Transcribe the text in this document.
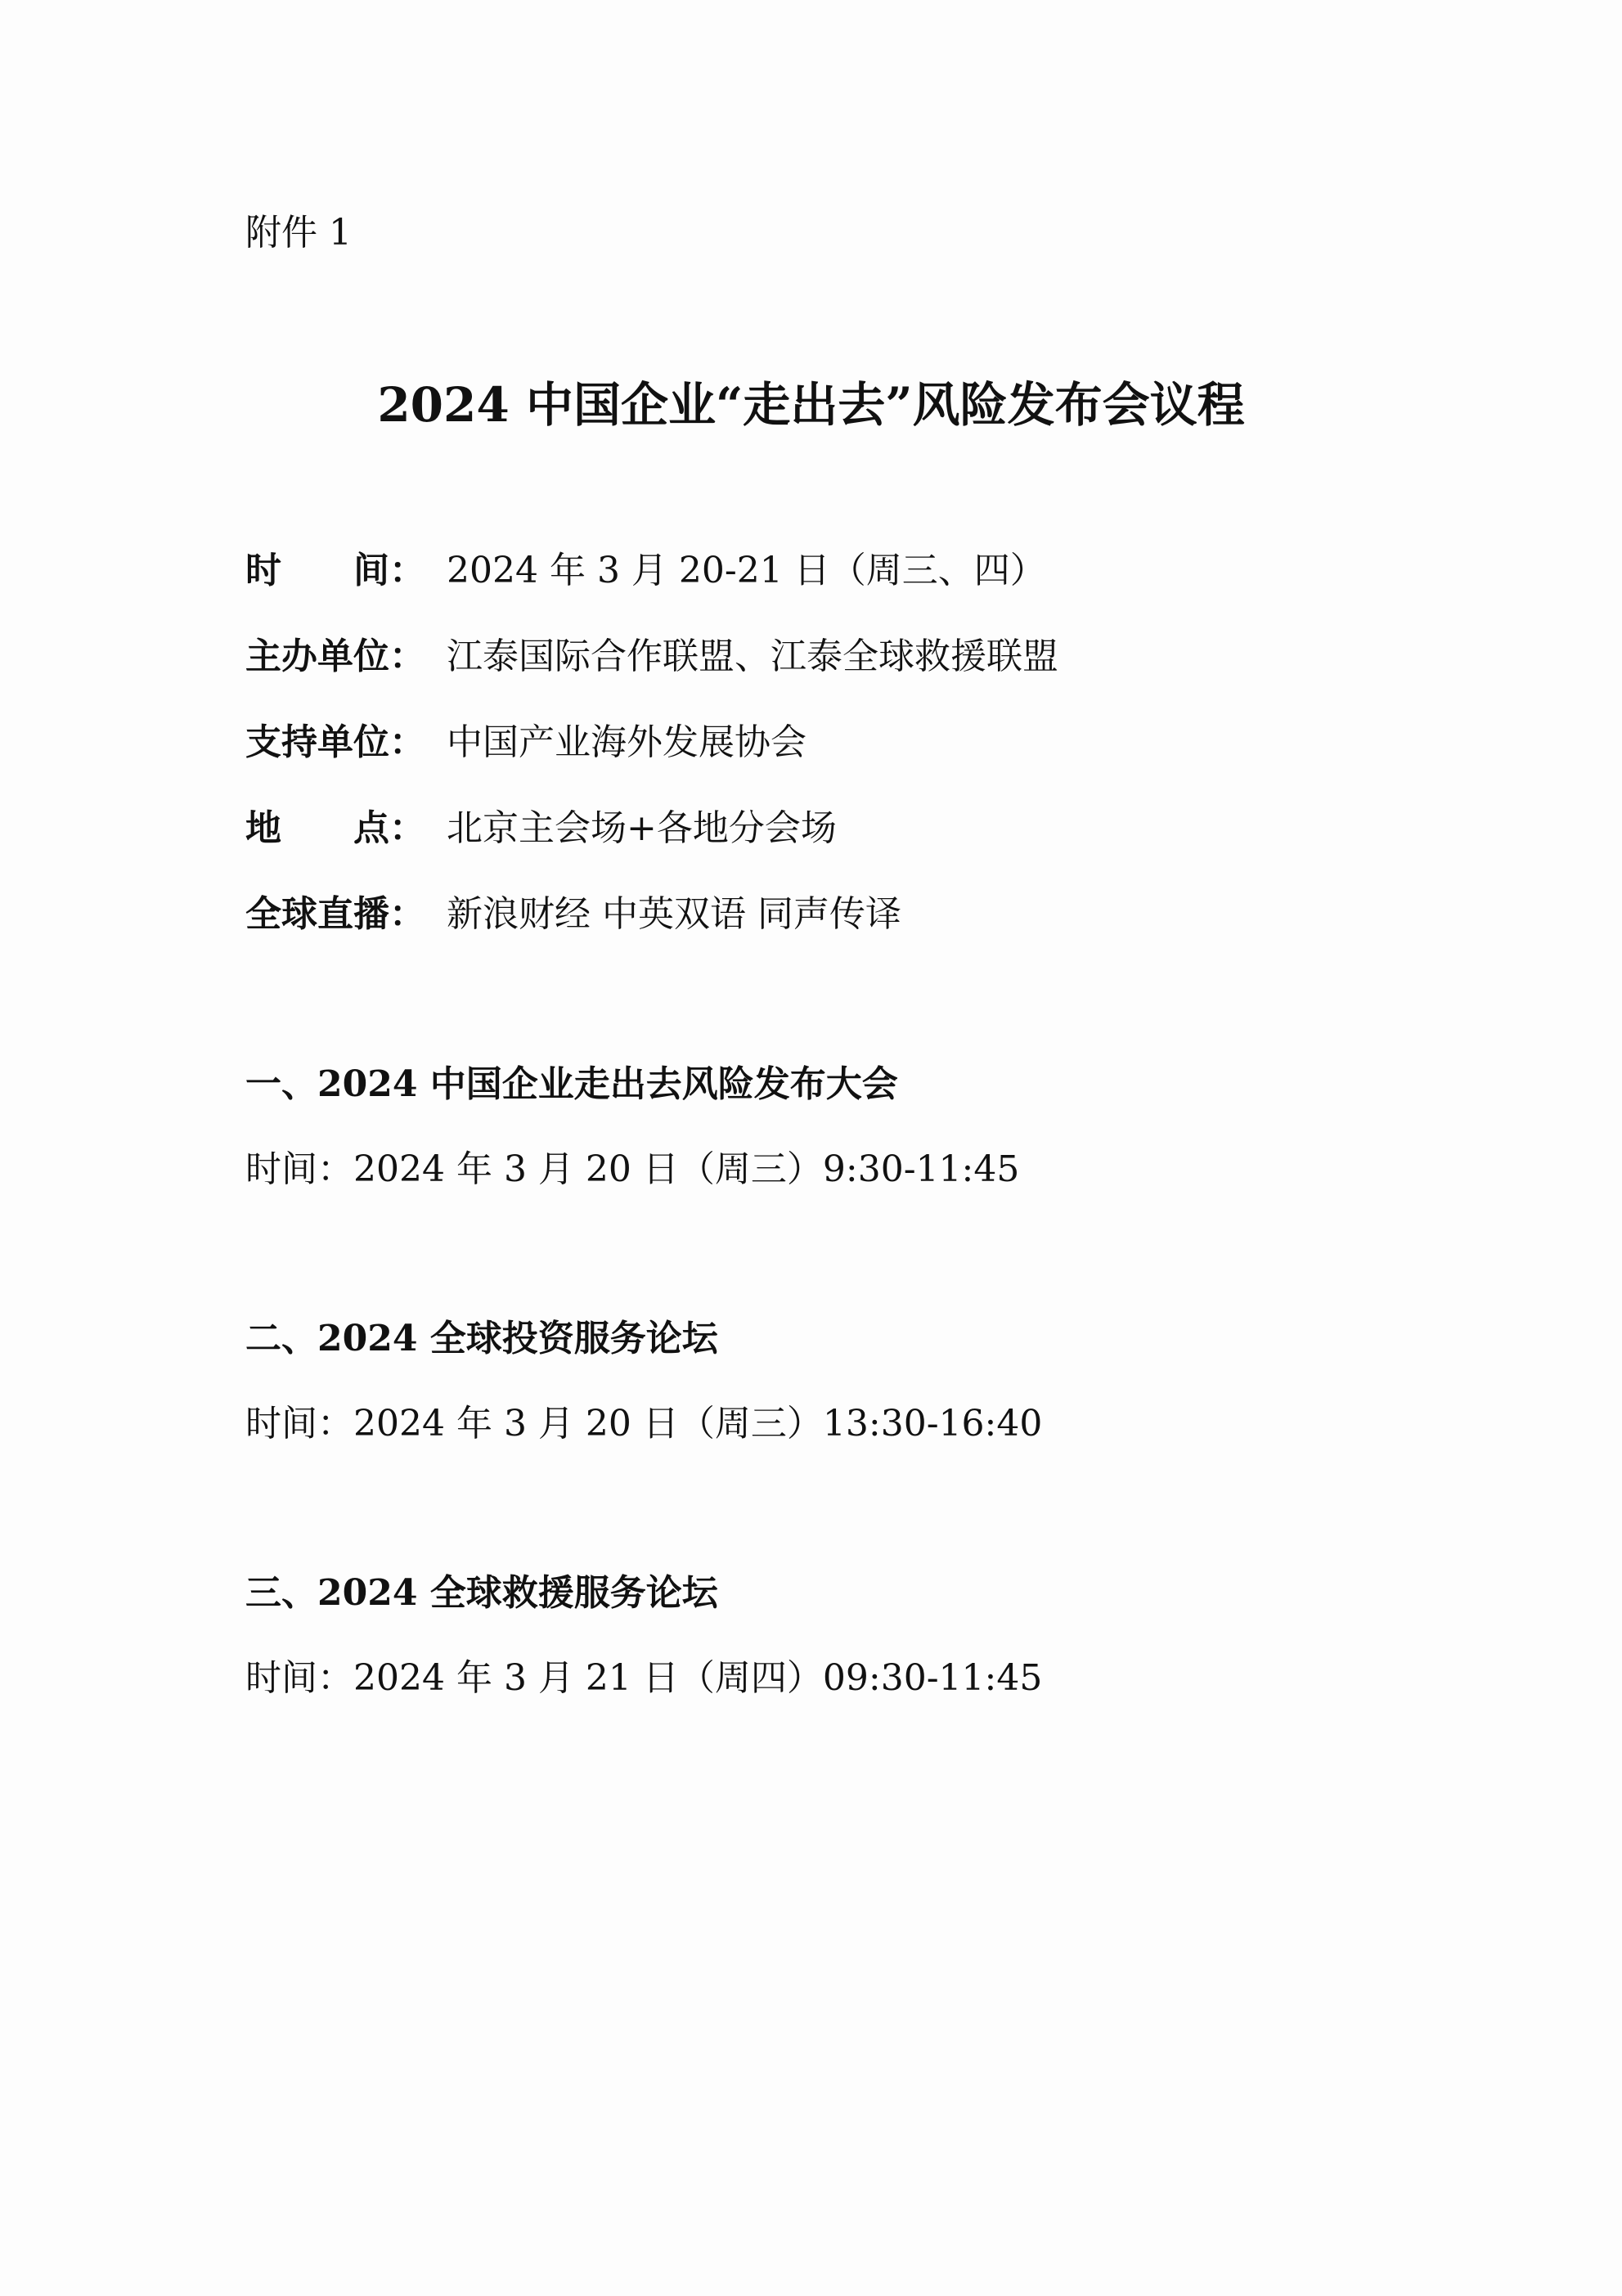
附件 1
2024 中国企业“走出去”风险发布会议程
时　　间： 2024 年 3 月 20-21 日（周三、四）
主办单位： 江泰国际合作联盟、江泰全球救援联盟
支持单位： 中国产业海外发展协会
地　　点： 北京主会场+各地分会场
全球直播： 新浪财经 中英双语 同声传译
一、2024 中国企业走出去风险发布大会
时间：2024 年 3 月 20 日（周三）9:30-11:45
二、2024 全球投资服务论坛
时间：2024 年 3 月 20 日（周三）13:30-16:40
三、2024 全球救援服务论坛
时间：2024 年 3 月 21 日（周四）09:30-11:45
